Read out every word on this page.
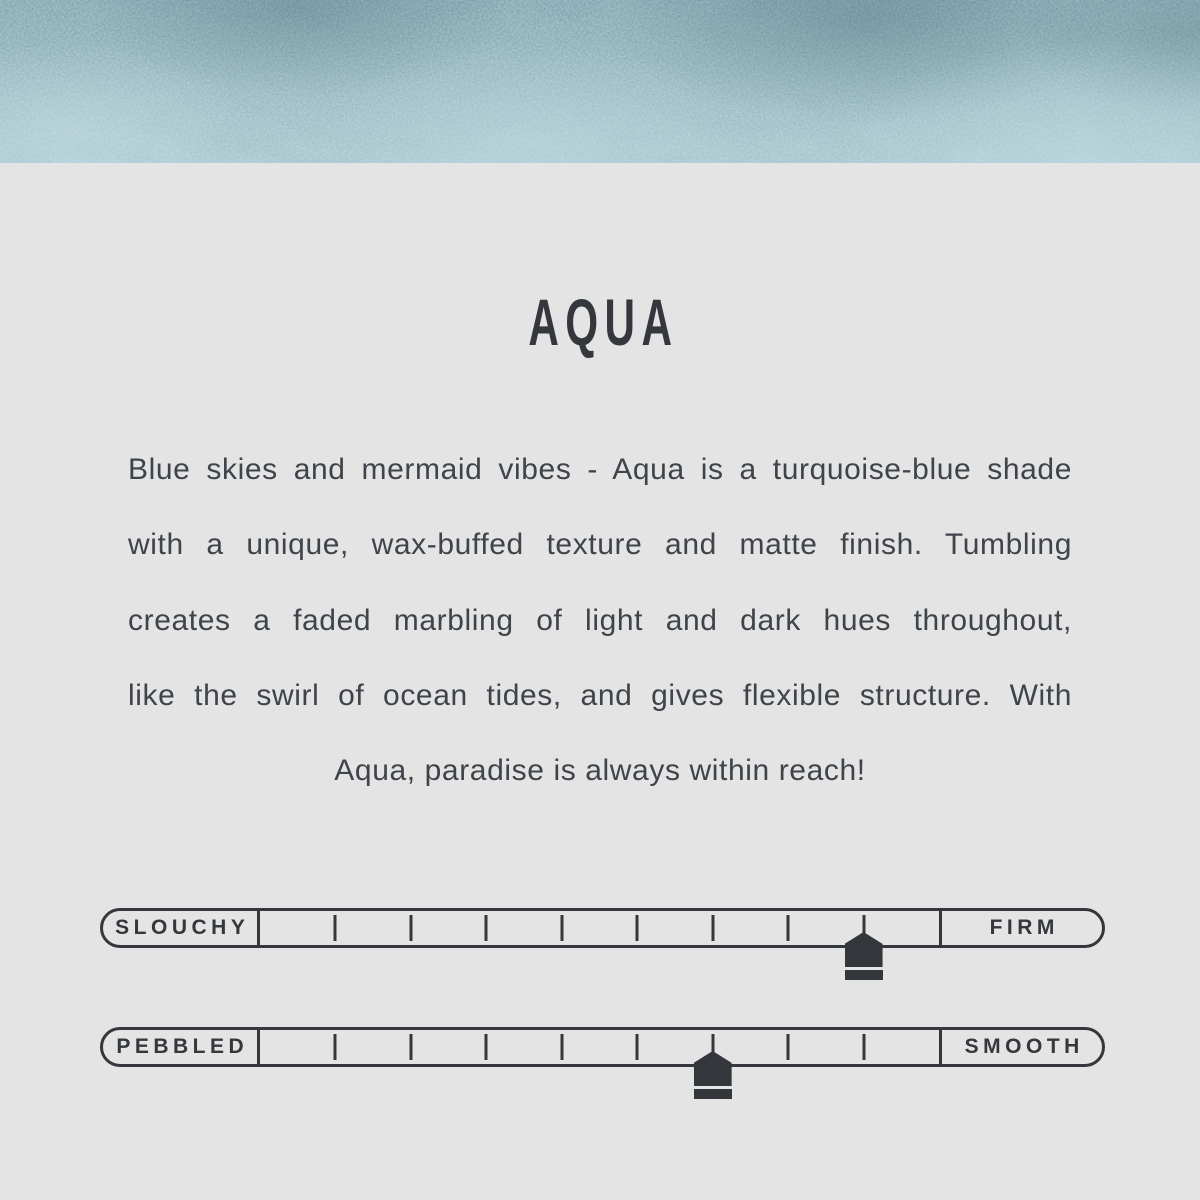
AQUA
Blue skies and mermaid vibes - Aqua is a turquoise-blue shade
with a unique, wax-buffed texture and matte finish. Tumbling
creates a faded marbling of light and dark hues throughout,
like the swirl of ocean tides, and gives flexible structure. With
Aqua, paradise is always within reach!
SLOUCHY	FIRM
PEBBLED	SMOOTH
